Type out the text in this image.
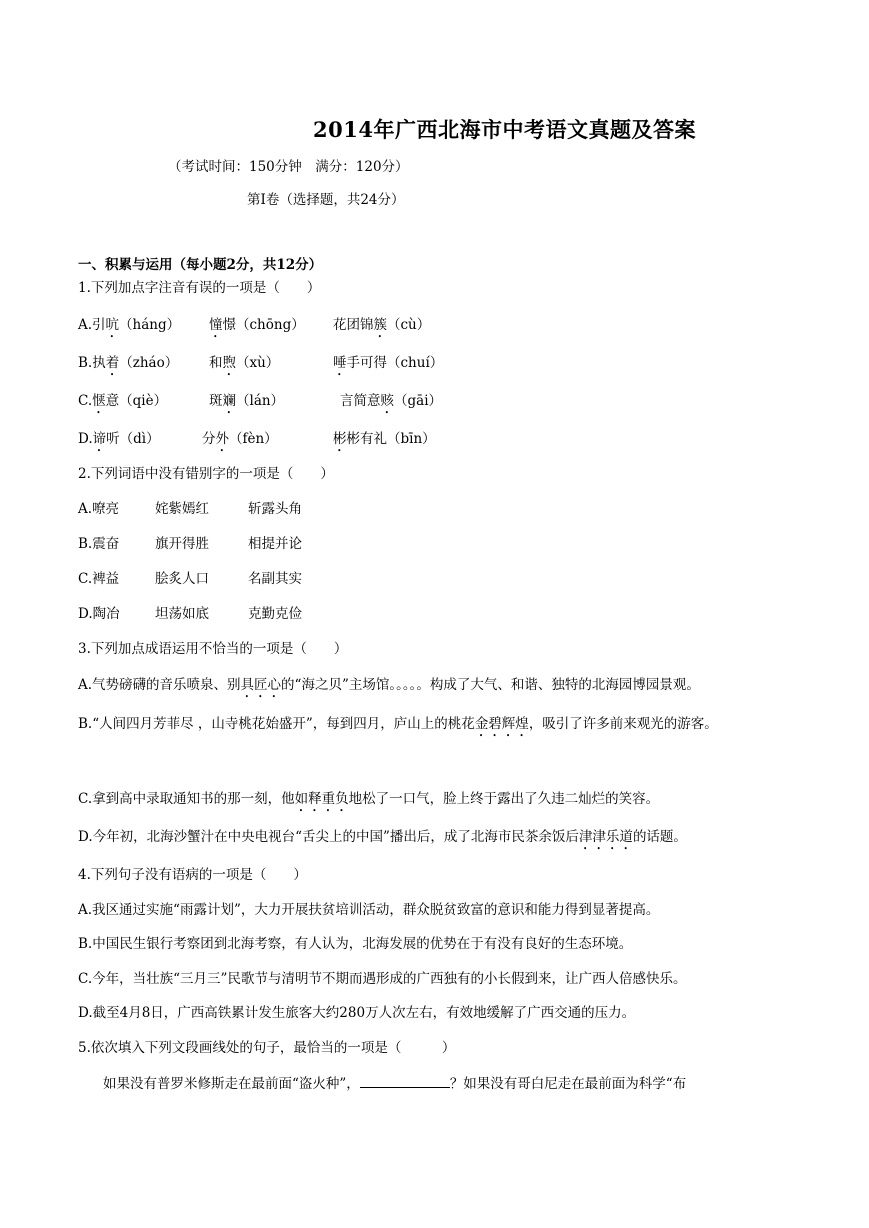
2014年广西北海市中考语文真题及答案
（考试时间：150分钟　满分：120分）
第Ⅰ卷（选择题，共24分）
一、积累与运用（每小题2分，共12分）
1.下列加点字注音有误的一项是（　　）
A.引吭（háng） 憧憬（chōng） 花团锦簇（cù）
B.执着（zháo） 和煦（xù）	唾手可得（chuí）
C.惬意（qiè）	斑斓（lán）	言简意赅（gāi）
D.谛听（dì）	分外（fèn）	彬彬有礼（bīn）
2.下列词语中没有错别字的一项是（　　）
A.嘹亮	姹紫嫣红	斩露头角
B.震奋	旗开得胜	相提并论
C.裨益	脍炙人口	名副其实
D.陶冶	坦荡如底	克勤克俭
3.下列加点成语运用不恰当的一项是（　　）
A.气势磅礴的音乐喷泉、别具匠心的“海之贝”主场馆。。。。。构成了大气、和谐、独特的北海园博园景观。
B.“人间四月芳菲尽 ，山寺桃花始盛开”，每到四月，庐山上的桃花金碧辉煌，吸引了许多前来观光的游客。
C.拿到高中录取通知书的那一刻，他如释重负地松了一口气，脸上终于露出了久违二灿烂的笑容。
D.今年初，北海沙蟹汁在中央电视台“舌尖上的中国”播出后，成了北海市民茶余饭后津津乐道的话题。
4.下列句子没有语病的一项是（　　）
A.我区通过实施“雨露计划”，大力开展扶贫培训活动，群众脱贫致富的意识和能力得到显著提高。
B.中国民生银行考察团到北海考察，有人认为，北海发展的优势在于有没有良好的生态环境。
C.今年，当壮族“三月三”民歌节与清明节不期而遇形成的广西独有的小长假到来，让广西人倍感快乐。
D.截至4月8日，广西高铁累计发生旅客大约280万人次左右，有效地缓解了广西交通的压力。
5.依次填入下列文段画线处的句子，最恰当的一项是（　　　）
如果没有普罗米修斯走在最前面“盗火种”，	？如果没有哥白尼走在最前面为科学“布
